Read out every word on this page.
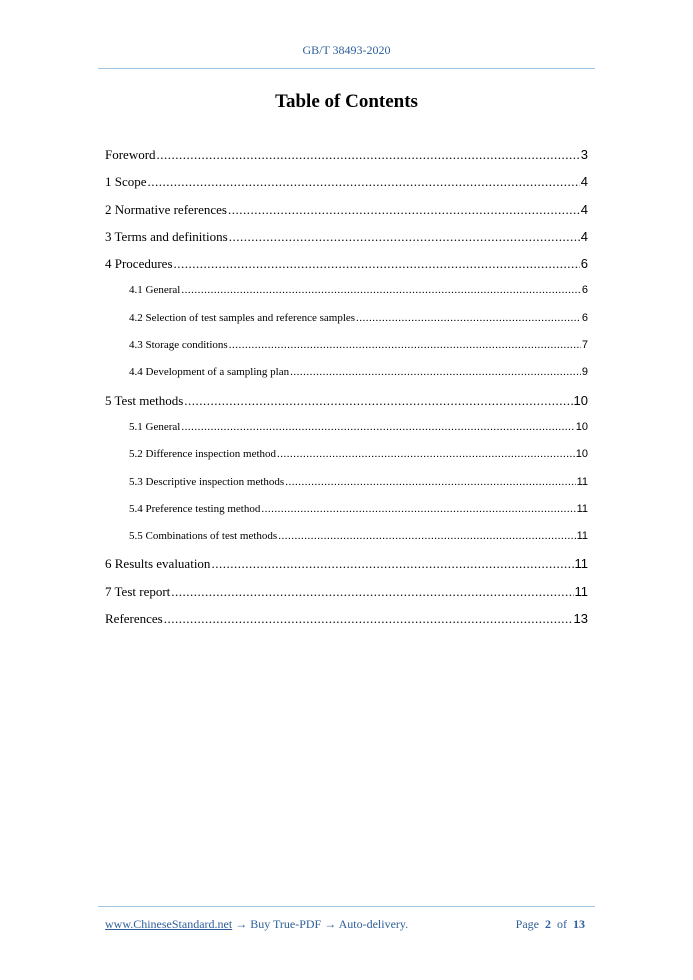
GB/T 38493-2020
Table of Contents
Foreword .....	3
1 Scope .....	4
2 Normative references .....	4
3 Terms and definitions .....	4
4 Procedures .....	6
4.1 General .....	6
4.2 Selection of test samples and reference samples .....	6
4.3 Storage conditions .....	7
4.4 Development of a sampling plan .....	9
5 Test methods .....	10
5.1 General .....	10
5.2 Difference inspection method .....	10
5.3 Descriptive inspection methods .....	11
5.4 Preference testing method .....	11
5.5 Combinations of test methods .....	11
6 Results evaluation .....	11
7 Test report .....	11
References .....	13
www.ChineseStandard.net → Buy True-PDF → Auto-delivery.	Page 2 of 13
